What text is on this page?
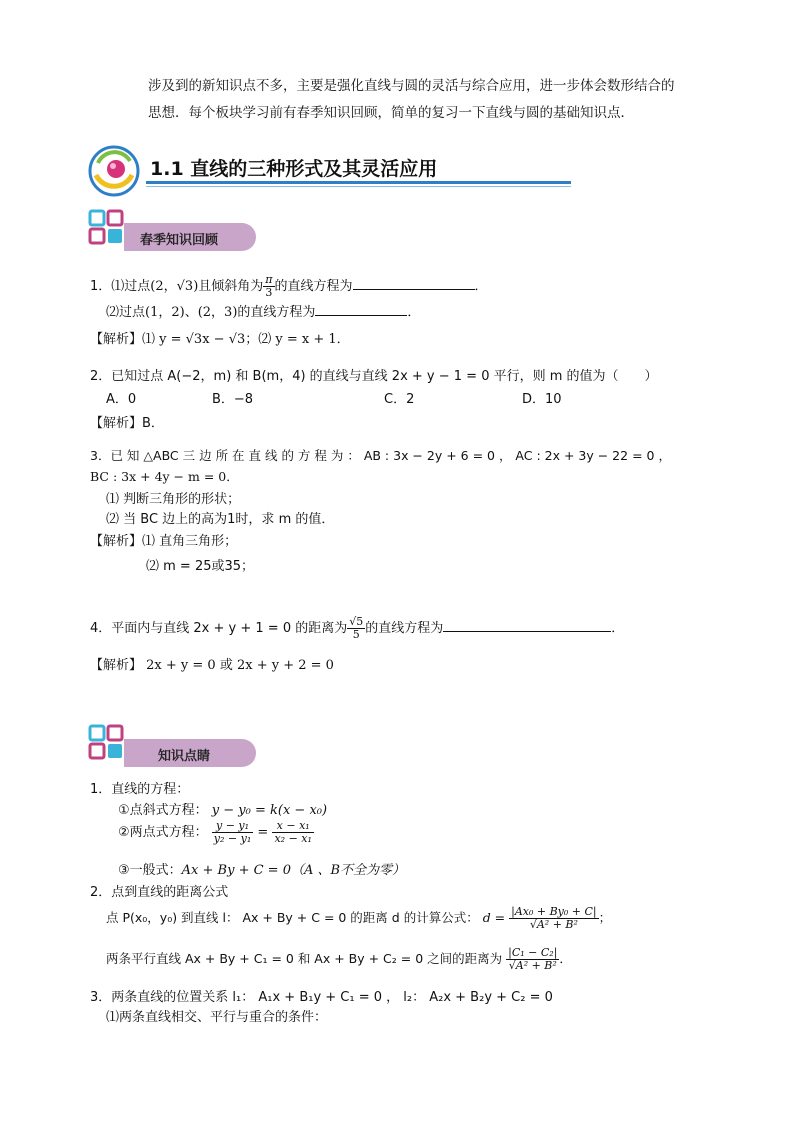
涉及到的新知识点不多，主要是强化直线与圆的灵活与综合应用，进一步体会数形结合的
思想．每个板块学习前有春季知识回顾，简单的复习一下直线与圆的基础知识点．
1.1 直线的三种形式及其灵活应用
春季知识回顾
1．⑴过点(2，√3)且倾斜角为 $\frac{\pi}{3}$ 的直线方程为	．
⑵过点(1，2)、(2，3)的直线方程为	．
【解析】⑴ y = √3x − √3；⑵ y = x + 1．
2．已知过点 A(−2，m) 和 B(m，4) 的直线与直线 2x + y − 1 = 0 平行，则 m 的值为（　　）
A．0	B．−8	C．2	D．10
【解析】B．
3．已 知 △ABC 三 边 所 在 直 线 的 方 程 为 ： AB : 3x − 2y + 6 = 0 ， AC : 2x + 3y − 22 = 0 ，
BC : 3x + 4y − m = 0．
⑴ 判断三角形的形状；
⑵ 当 BC 边上的高为1时，求 m 的值．
【解析】⑴ 直角三角形；
⑵ m = 25或35；
4．平面内与直线 2x + y + 1 = 0 的距离为 $\frac{√5}{5}$ 的直线方程为	．
【解析】 2x + y = 0 或 2x + y + 2 = 0
知识点睛
1．直线的方程：
①点斜式方程： y − y₀ = k(x − x₀)
②两点式方程： $\frac{\text{y − y₁}}{\text{y₂ − y₁}} = \frac{\text{x − x₁}}{\text{x₂ − x₁}}$
③一般式：Ax + By + C = 0（A 、B不全为零）
2．点到直线的距离公式
点 P(x₀，y₀) 到直线 l： Ax + By + C = 0 的距离 d 的计算公式： $d = \frac{\text{|Ax₀ + By₀ + C|}}{\text{√A² + B²}}$ ；
两条平行直线 Ax + By + C₁ = 0 和 Ax + By + C₂ = 0 之间的距离为 $\frac{\text{|C₁ − C₂|}}{\text{√A² + B²}}$ ．
3．两条直线的位置关系 l₁： A₁x + B₁y + C₁ = 0 ， l₂： A₂x + B₂y + C₂ = 0
⑴两条直线相交、平行与重合的条件：
